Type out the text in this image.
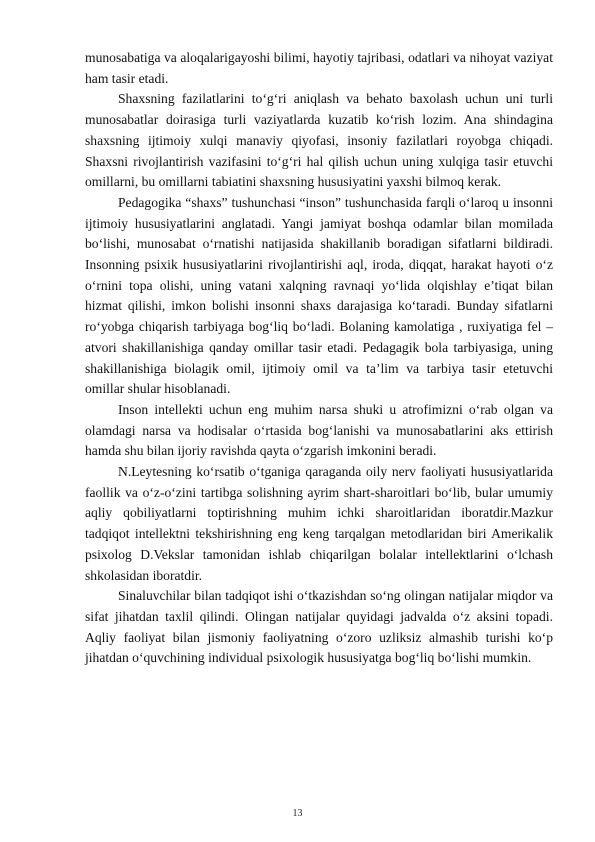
munosabatiga va aloqalarigayoshi bilimi, hayotiy tajribasi, odatlari va nihoyat vaziyat ham tasir etadi.

Shaxsning fazilatlarini to‘g‘ri aniqlash va behato baxolash uchun uni turli munosabatlar doirasiga turli vaziyatlarda kuzatib ko‘rish lozim. Ana shindagina shaxsning ijtimoiy xulqi manaviy qiyofasi, insoniy fazilatlari royobga chiqadi. Shaxsni rivojlantirish vazifasini to‘g‘ri hal qilish uchun uning xulqiga tasir etuvchi omillarni, bu omillarni tabiatini shaxsning hususiyatini yaxshi bilmoq kerak.

Pedagogika “shaxs” tushunchasi “inson” tushunchasida farqli o‘laroq u insonni ijtimoiy hususiyatlarini anglatadi. Yangi jamiyat boshqa odamlar bilan momilada bo‘lishi, munosabat o‘rnatishi natijasida shakillanib boradigan sifatlarni bildiradi. Insonning psixik hususiyatlarini rivojlantirishi aql, iroda, diqqat, harakat hayoti o‘z o‘rnini topa olishi, uning vatani xalqning ravnaqi yo‘lida olqishlay e’tiqat bilan hizmat qilishi, imkon bolishi insonni shaxs darajasiga ko‘taradi. Bunday sifatlarni ro‘yobga chiqarish tarbiyaga bog‘liq bo‘ladi. Bolaning kamolatiga , ruxiyatiga fel –atvori shakillanishiga qanday omillar tasir etadi. Pedagagik bola tarbiyasiga, uning shakillanishiga biolagik omil, ijtimoiy omil va ta’lim va tarbiya tasir etetuvchi omillar shular hisoblanadi.

Inson intellekti uchun eng muhim narsa shuki u atrofimizni o‘rab olgan va olamdagi narsa va hodisalar o‘rtasida bog‘lanishi va munosabatlarini aks ettirish hamda shu bilan ijoriy ravishda qayta o‘zgarish imkonini beradi.

N.Leytesning ko‘rsatib o‘tganiga qaraganda oily nerv faoliyati hususiyatlarida faollik va o‘z-o‘zini tartibga solishning ayrim shart-sharoitlari bo‘lib, bular umumiy aqliy qobiliyatlarni toptirishning muhim ichki sharoitlaridan iboratdir.Mazkur tadqiqot intellektni tekshirishning eng keng tarqalgan metodlaridan biri Amerikalik psixolog D.Vekslar tamonidan ishlab chiqarilgan bolalar intellektlarini o‘lchash shkolasidan iboratdir.

Sinaluvchilar bilan tadqiqot ishi o‘tkazishdan so‘ng olingan natijalar miqdor va sifat jihatdan taxlil qilindi. Olingan natijalar quyidagi jadvalda o‘z aksini topadi. Aqliy faoliyat bilan jismoniy faoliyatning o‘zoro uzliksiz almashib turishi ko‘p jihatdan o‘quvchining individual psixologik hususiyatga bog‘liq bo‘lishi mumkin.

13
